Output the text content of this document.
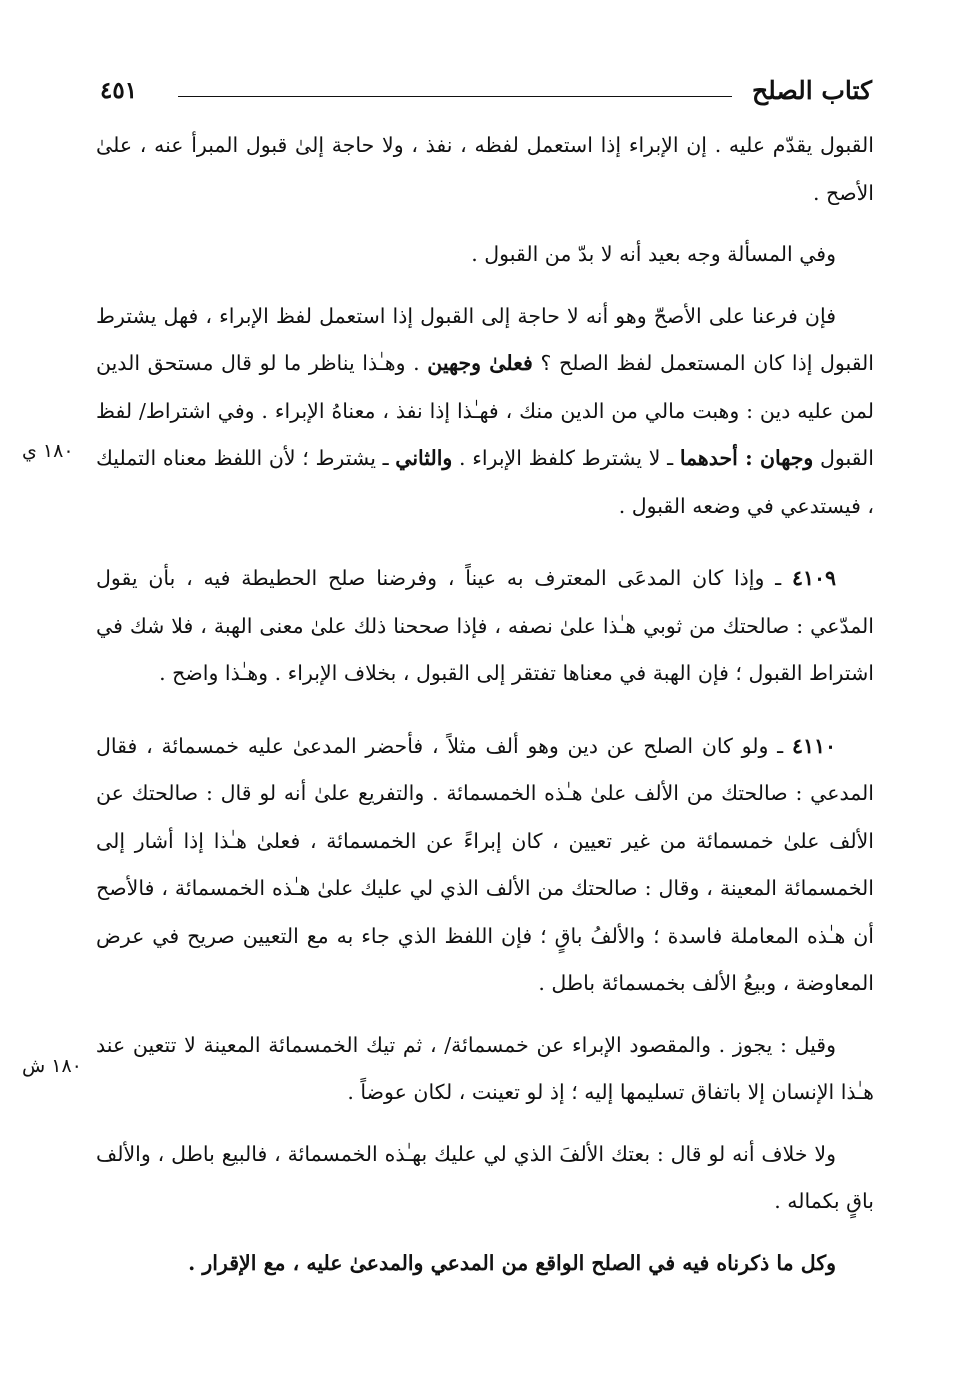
كتاب الصلح
٤٥١

القبول يقدّم عليه . إن الإبراء إذا استعمل لفظه ، نفذ ، ولا حاجة إلىٰ قبول المبرأ عنه ، علىٰ الأصح .

وفي المسألة وجه بعيد أنه لا بدّ من القبول .

فإن فرعنا على الأصحّ وهو أنه لا حاجة إلى القبول إذا استعمل لفظ الإبراء ، فهل يشترط القبول إذا كان المستعمل لفظ الصلح ؟ فعلىٰ وجهين . وهـٰذا يناظر ما لو قال مستحق الدين لمن عليه دين : وهبت مالي من الدين منك ، فهـٰذا إذا نفذ ، معناهُ الإبراء . وفي اشتراط/ لفظ القبول وجهان : أحدهما ـ لا يشترط كلفظ الإبراء . والثاني ـ يشترط ؛ لأن اللفظ معناه التمليك ، فيستدعي في وضعه القبول .

٤١٠٩ ـ وإذا كان المدعَى المعترف به عيناً ، وفرضنا صلح الحطيطة فيه ، بأن يقول المدّعي : صالحتك من ثوبي هـٰذا علىٰ نصفه ، فإذا صححنا ذلك علىٰ معنى الهبة ، فلا شك في اشتراط القبول ؛ فإن الهبة في معناها تفتقر إلى القبول ، بخلاف الإبراء . وهـٰذا واضح .

٤١١٠ ـ ولو كان الصلح عن دين وهو ألف مثلاً ، فأحضر المدعىٰ عليه خمسمائة ، فقال المدعي : صالحتك من الألف علىٰ هـٰذه الخمسمائة . والتفريع علىٰ أنه لو قال : صالحتك عن الألف علىٰ خمسمائة من غير تعيين ، كان إبراءً عن الخمسمائة ، فعلىٰ هـٰذا إذا أشار إلى الخمسمائة المعينة ، وقال : صالحتك من الألف الذي لي عليك علىٰ هـٰذه الخمسمائة ، فالأصح أن هـٰذه المعاملة فاسدة ؛ والألفُ باقٍ ؛ فإن اللفظ الذي جاء به مع التعيين صريح في عرض المعاوضة ، وبيعُ الألف بخمسمائة باطل .

وقيل : يجوز . والمقصود الإبراء عن خمسمائة/ ، ثم تيك الخمسمائة المعينة لا تتعين عند هـٰذا الإنسان إلا باتفاق تسليمها إليه ؛ إذ لو تعينت ، لكان عوضاً .

ولا خلاف أنه لو قال : بعتك الألفَ الذي لي عليك بهـٰذه الخمسمائة ، فالبيع باطل ، والألف باقٍ بكماله .

وكل ما ذكرناه فيه في الصلح الواقع من المدعي والمدعىٰ عليه ، مع الإقرار .

١٨٠ ي
١٨٠ ش
